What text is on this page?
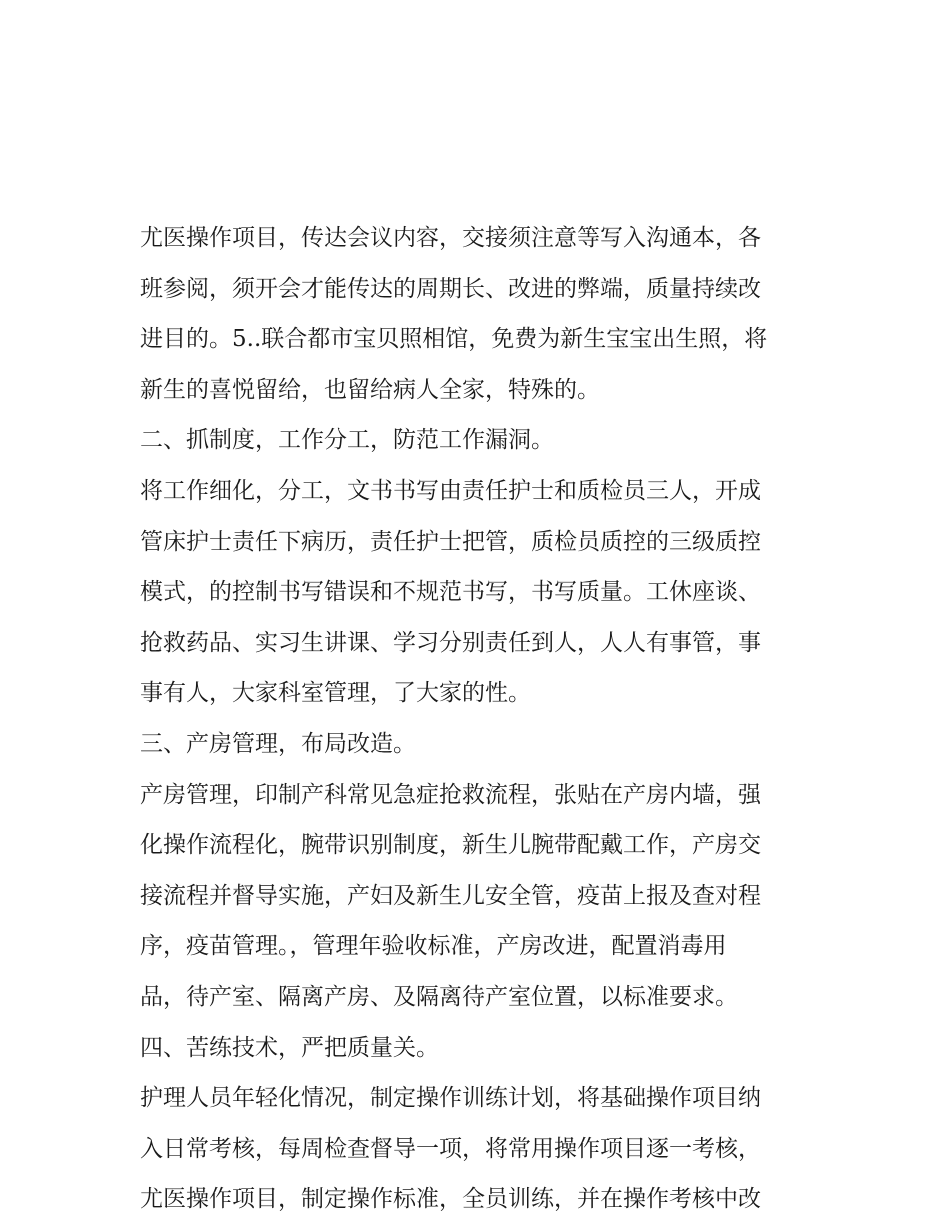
尤医操作项目，传达会议内容，交接须注意等写入沟通本，各
班参阅，须开会才能传达的周期长、改进的弊端，质量持续改
进目的。5..联合都市宝贝照相馆，免费为新生宝宝出生照，将
新生的喜悦留给，也留给病人全家，特殊的。
二、抓制度，工作分工，防范工作漏洞。
将工作细化，分工，文书书写由责任护士和质检员三人，开成
管床护士责任下病历，责任护士把管，质检员质控的三级质控
模式，的控制书写错误和不规范书写，书写质量。工休座谈、
抢救药品、实习生讲课、学习分别责任到人，人人有事管，事
事有人，大家科室管理，了大家的性。
三、产房管理，布局改造。
产房管理，印制产科常见急症抢救流程，张贴在产房内墙，强
化操作流程化，腕带识别制度，新生儿腕带配戴工作，产房交
接流程并督导实施，产妇及新生儿安全管，疫苗上报及查对程
序，疫苗管理。，管理年验收标准，产房改进，配置消毒用
品，待产室、隔离产房、及隔离待产室位置，以标准要求。
四、苦练技术，严把质量关。
护理人员年轻化情况，制定操作训练计划，将基础操作项目纳
入日常考核，每周检查督导一项，将常用操作项目逐一考核，
尤医操作项目，制定操作标准，全员训练，并在操作考核中改
